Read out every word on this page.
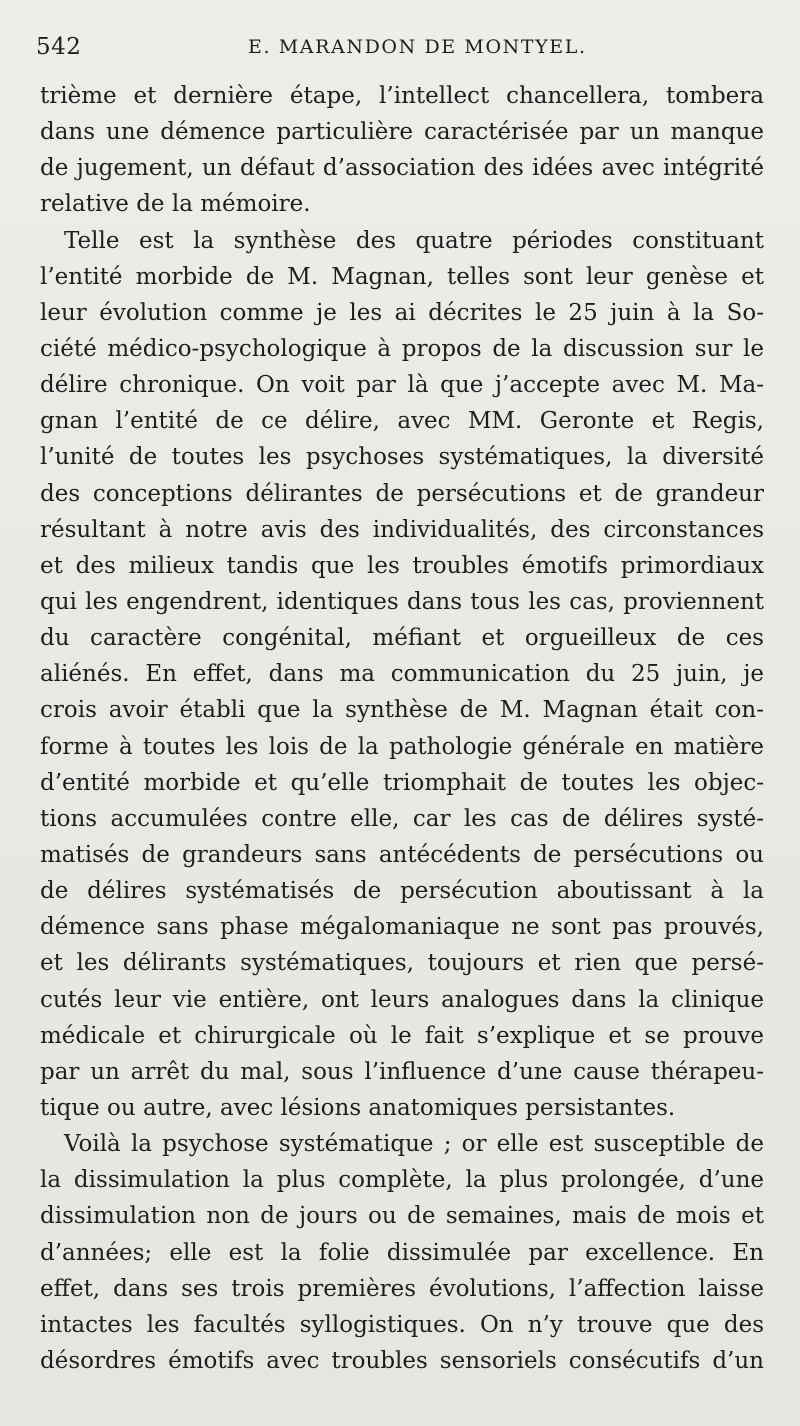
542	E. MARANDON DE MONTYEL.
trième et dernière étape, l’intellect chancellera, tombera
dans une démence particulière caractérisée par un manque
de jugement, un défaut d’association des idées avec intégrité
relative de la mémoire.
Telle est la synthèse des quatre périodes constituant
l’entité morbide de M. Magnan, telles sont leur genèse et
leur évolution comme je les ai décrites le 25 juin à la So-
ciété médico-psychologique à propos de la discussion sur le
délire chronique. On voit par là que j’accepte avec M. Ma-
gnan l’entité de ce délire, avec MM. Geronte et Regis,
l’unité de toutes les psychoses systématiques, la diversité
des conceptions délirantes de persécutions et de grandeur
résultant à notre avis des individualités, des circonstances
et des milieux tandis que les troubles émotifs primordiaux
qui les engendrent, identiques dans tous les cas, proviennent
du caractère congénital, méfiant et orgueilleux de ces
aliénés. En effet, dans ma communication du 25 juin, je
crois avoir établi que la synthèse de M. Magnan était con-
forme à toutes les lois de la pathologie générale en matière
d’entité morbide et qu’elle triomphait de toutes les objec-
tions accumulées contre elle, car les cas de délires systé-
matisés de grandeurs sans antécédents de persécutions ou
de délires systématisés de persécution aboutissant à la
démence sans phase mégalomaniaque ne sont pas prouvés,
et les délirants systématiques, toujours et rien que persé-
cutés leur vie entière, ont leurs analogues dans la clinique
médicale et chirurgicale où le fait s’explique et se prouve
par un arrêt du mal, sous l’influence d’une cause thérapeu-
tique ou autre, avec lésions anatomiques persistantes.
Voilà la psychose systématique ; or elle est susceptible de
la dissimulation la plus complète, la plus prolongée, d’une
dissimulation non de jours ou de semaines, mais de mois et
d’années; elle est la folie dissimulée par excellence. En
effet, dans ses trois premières évolutions, l’affection laisse
intactes les facultés syllogistiques. On n’y trouve que des
désordres émotifs avec troubles sensoriels consécutifs d’un
